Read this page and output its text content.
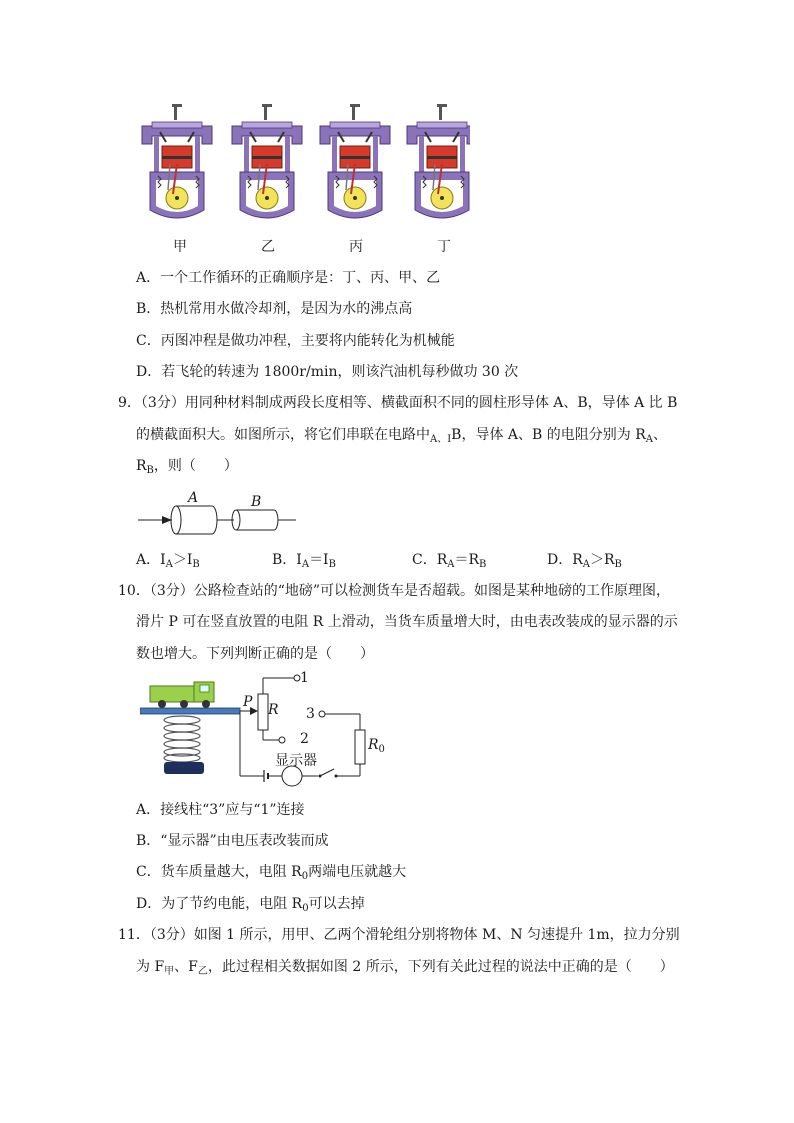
甲	乙	丙	丁
A．一个工作循环的正确顺序是：丁、丙、甲、乙
B．热机常用水做冷却剂，是因为水的沸点高
C．丙图冲程是做功冲程，主要将内能转化为机械能
D．若飞轮的转速为 1800r/min，则该汽油机每秒做功 30 次
9．（3分）用同种材料制成两段长度相等、横截面积不同的圆柱形导体 A、B，导体 A 比 B
的横截面积大。如图所示，将它们串联在电路中$_{A、I}$B，导体 A、B 的电阻分别为 $R_A$、
$R_B$，则（　　）
A	B
A．$I_A>I_B$	B．$I_A=I_B$	C．$R_A=R_B$	D．$R_A>R_B$
10．（3分）公路检查站的“地磅”可以检测货车是否超载。如图是某种地磅的工作原理图，
滑片 P 可在竖直放置的电阻 R 上滑动，当货车质量增大时，由电表改装成的显示器的示
数也增大。下列判断正确的是（　　）
P R
1
2
3
$R_0$
显示器
A．接线柱“3”应与“1”连接
B．“显示器”由电压表改装而成
C．货车质量越大，电阻 $R_0$两端电压就越大
D．为了节约电能，电阻 $R_0$可以去掉
11．（3分）如图 1 所示，用甲、乙两个滑轮组分别将物体 M、N 匀速提升 1m，拉力分别
为 $F_甲$、$F_乙$，此过程相关数据如图 2 所示，下列有关此过程的说法中正确的是（　　）
